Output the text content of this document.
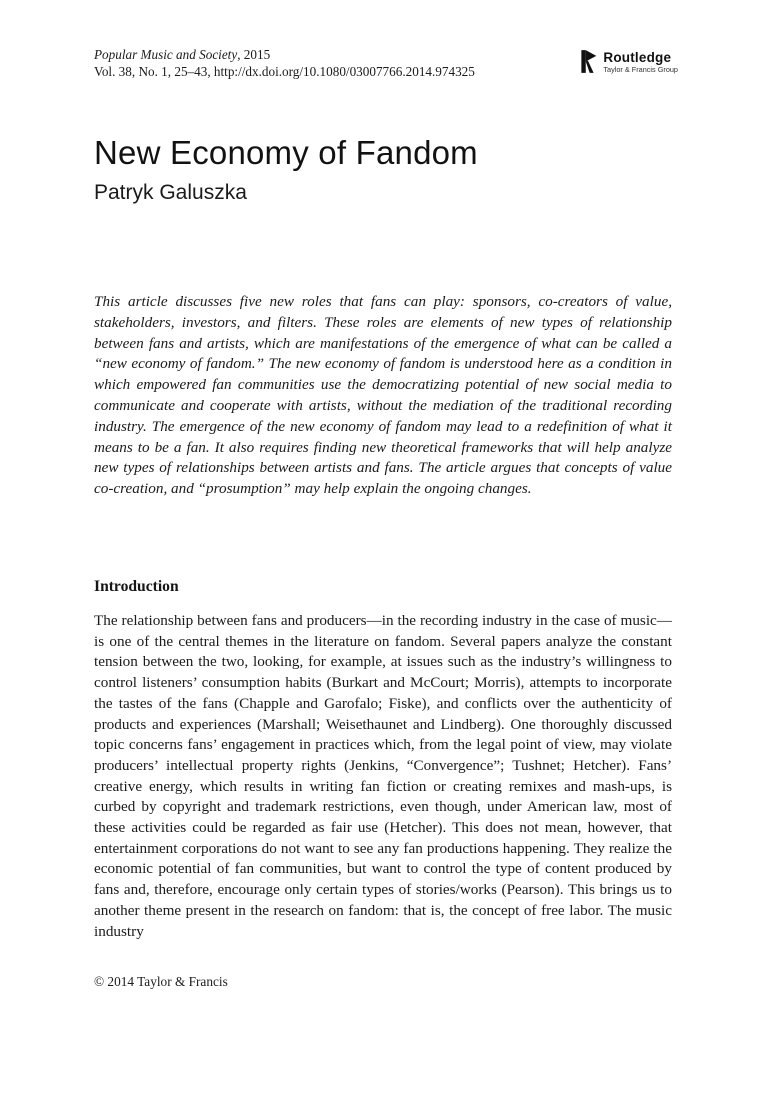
Popular Music and Society, 2015
Vol. 38, No. 1, 25–43, http://dx.doi.org/10.1080/03007766.2014.974325
Routledge
Taylor & Francis Group
New Economy of Fandom
Patryk Galuszka
This article discusses five new roles that fans can play: sponsors, co-creators of value, stakeholders, investors, and filters. These roles are elements of new types of relationship between fans and artists, which are manifestations of the emergence of what can be called a “new economy of fandom.” The new economy of fandom is understood here as a condition in which empowered fan communities use the democratizing potential of new social media to communicate and cooperate with artists, without the mediation of the traditional recording industry. The emergence of the new economy of fandom may lead to a redefinition of what it means to be a fan. It also requires finding new theoretical frameworks that will help analyze new types of relationships between artists and fans. The article argues that concepts of value co-creation, and “prosumption” may help explain the ongoing changes.
Introduction

The relationship between fans and producers—in the recording industry in the case of music—is one of the central themes in the literature on fandom. Several papers analyze the constant tension between the two, looking, for example, at issues such as the industry’s willingness to control listeners’ consumption habits (Burkart and McCourt; Morris), attempts to incorporate the tastes of the fans (Chapple and Garofalo; Fiske), and conflicts over the authenticity of products and experiences (Marshall; Weisethaunet and Lindberg). One thoroughly discussed topic concerns fans’ engagement in practices which, from the legal point of view, may violate producers’ intellectual property rights (Jenkins, “Convergence”; Tushnet; Hetcher). Fans’ creative energy, which results in writing fan fiction or creating remixes and mash-ups, is curbed by copyright and trademark restrictions, even though, under American law, most of these activities could be regarded as fair use (Hetcher). This does not mean, however, that entertainment corporations do not want to see any fan productions happening. They realize the economic potential of fan communities, but want to control the type of content produced by fans and, therefore, encourage only certain types of stories/works (Pearson). This brings us to another theme present in the research on fandom: that is, the concept of free labor. The music industry

© 2014 Taylor & Francis
